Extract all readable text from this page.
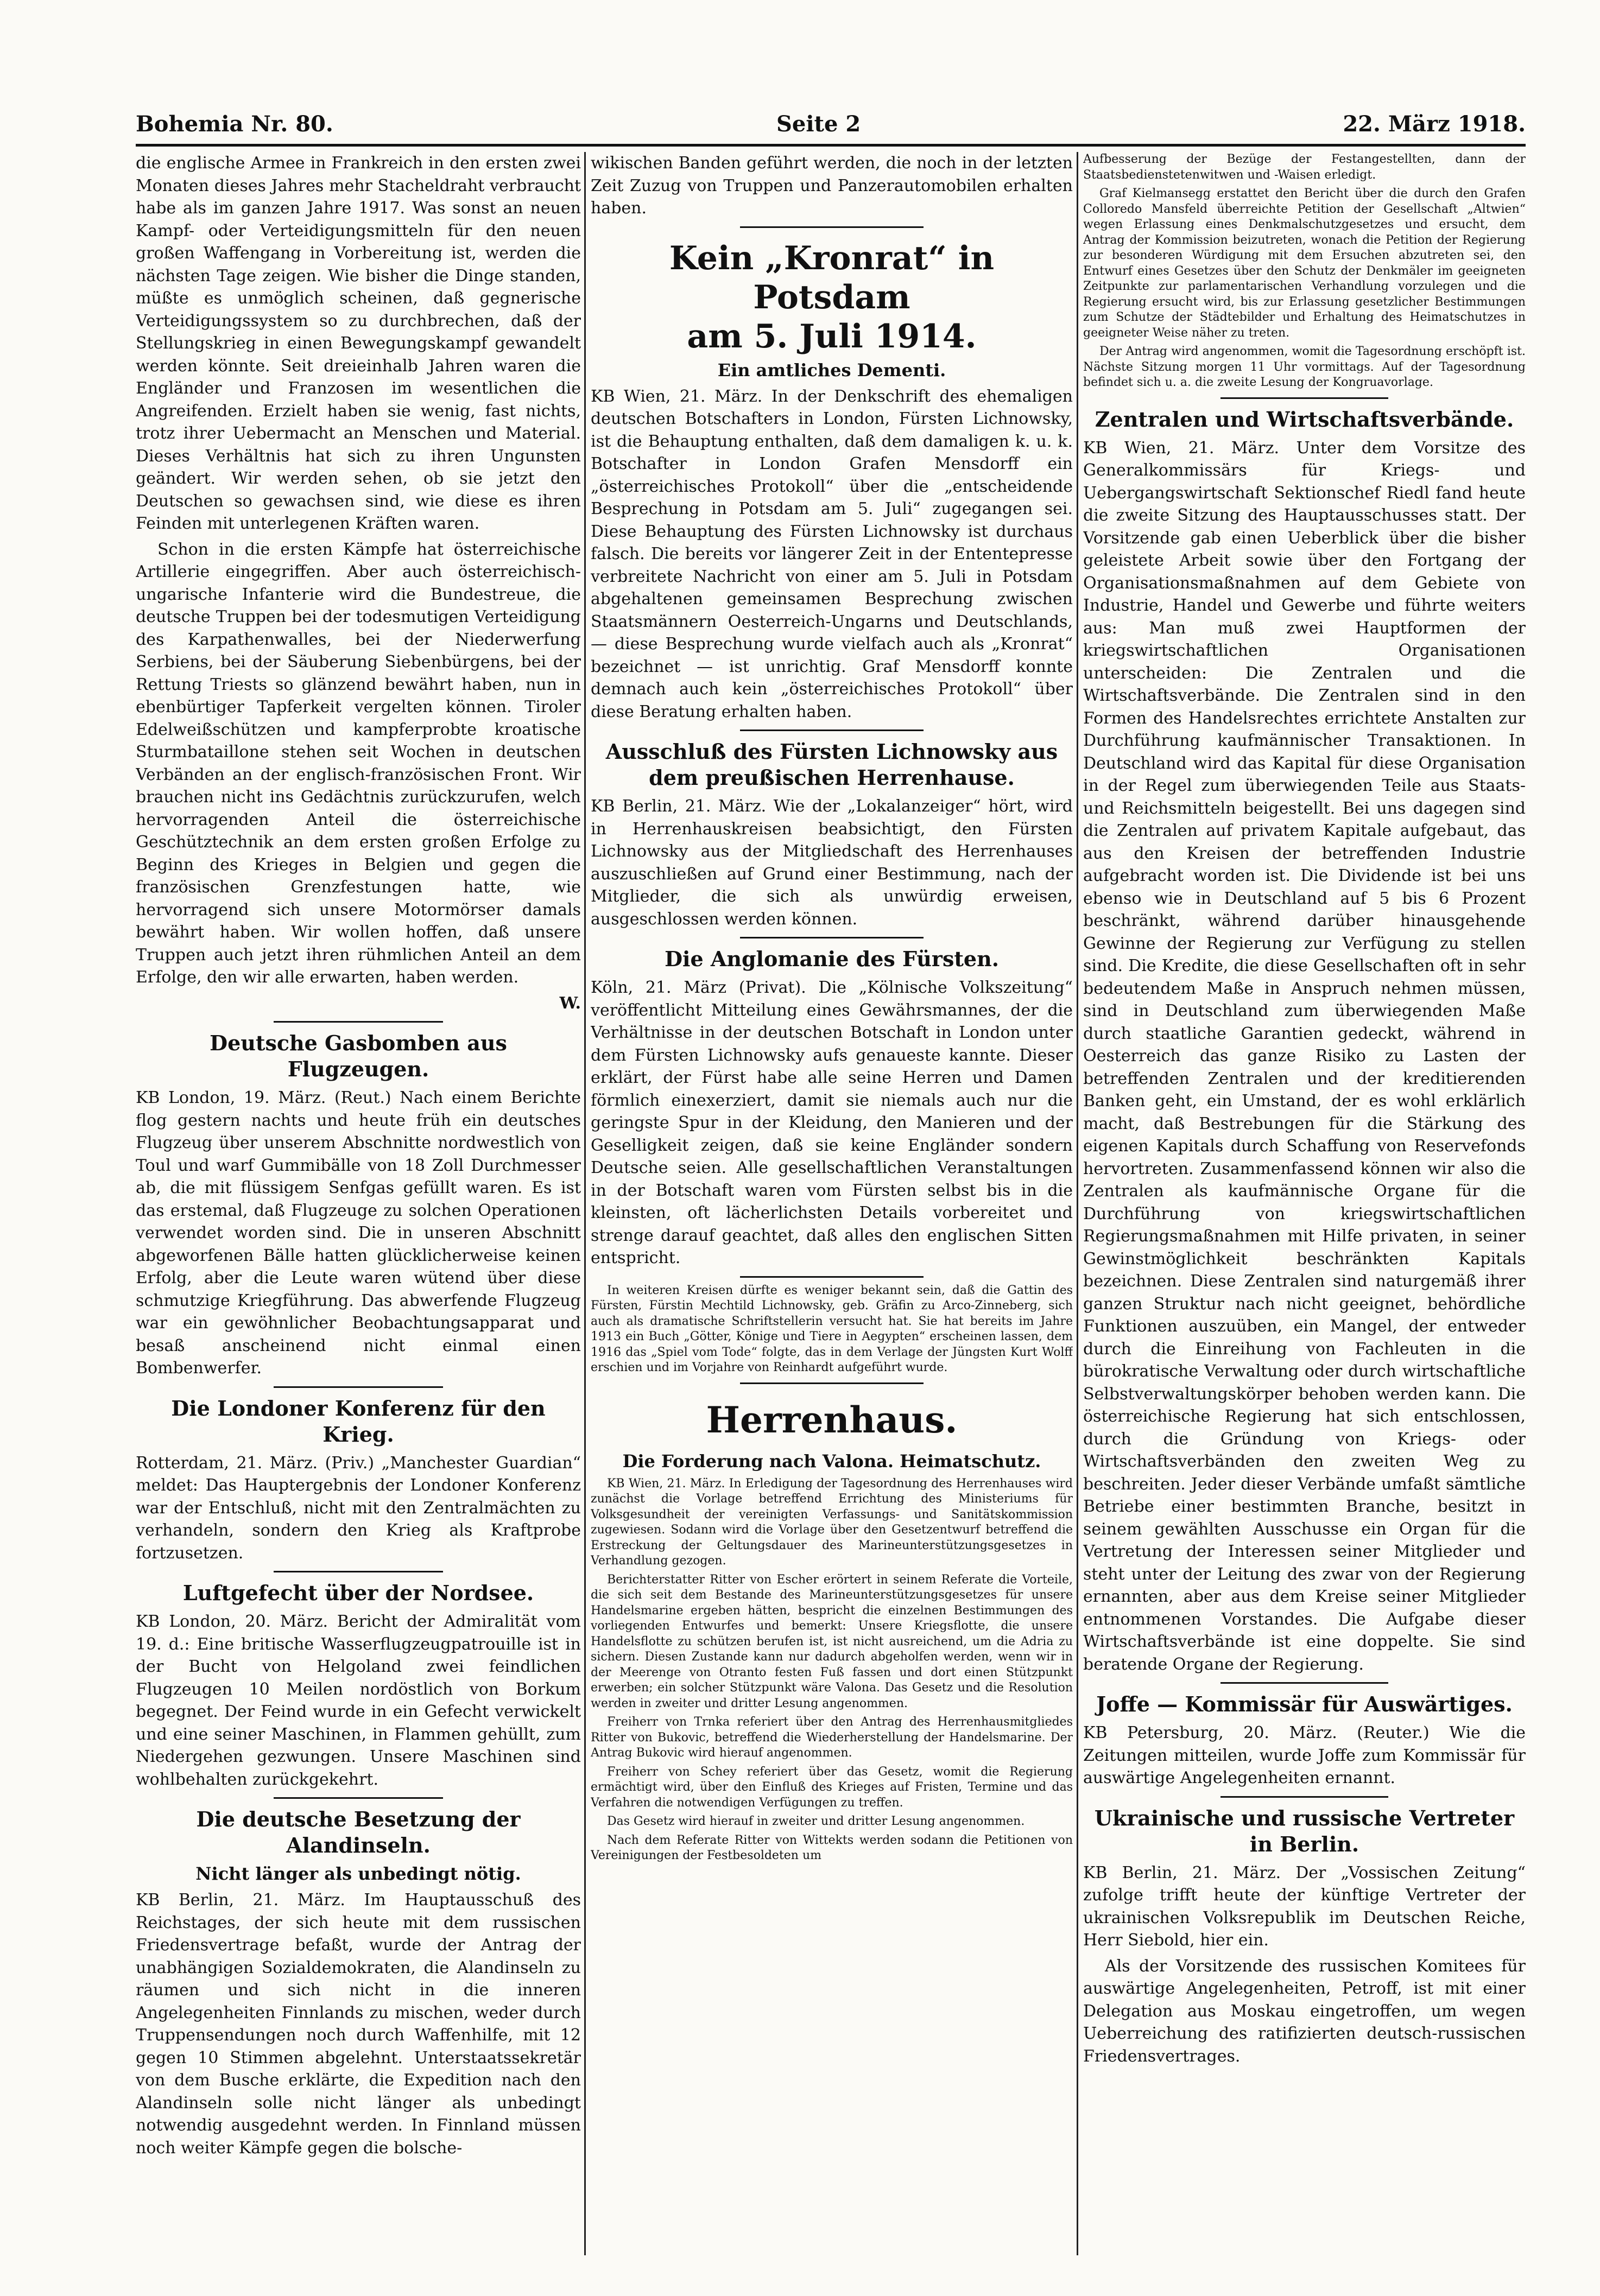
Bohemia Nr. 80.	Seite 2	22. März 1918.

die englische Armee in Frankreich in den ersten zwei Monaten dieses Jahres mehr Stacheldraht verbraucht habe als im ganzen Jahre 1917. Was sonst an neuen Kampf- oder Verteidigungsmitteln für den neuen großen Waffengang in Vorbereitung ist, werden die nächsten Tage zeigen. Wie bisher die Dinge standen, müßte es unmöglich scheinen, daß gegnerische Verteidigungssystem so zu durchbrechen, daß der Stellungskrieg in einen Bewegungskampf gewandelt werden könnte. Seit dreieinhalb Jahren waren die Engländer und Franzosen im wesentlichen die Angreifenden. Erzielt haben sie wenig, fast nichts, trotz ihrer Uebermacht an Menschen und Material. Dieses Verhältnis hat sich zu ihren Ungunsten geändert. Wir werden sehen, ob sie jetzt den Deutschen so gewachsen sind, wie diese es ihren Feinden mit unterlegenen Kräften waren.

Schon in die ersten Kämpfe hat österreichische Artillerie eingegriffen. Aber auch österreichisch-ungarische Infanterie wird die Bundestreue, die deutsche Truppen bei der todesmutigen Verteidigung des Karpathenwalles, bei der Niederwerfung Serbiens, bei der Säuberung Siebenbürgens, bei der Rettung Triests so glänzend bewährt haben, nun in ebenbürtiger Tapferkeit vergelten können. Tiroler Edelweißschützen und kampferprobte kroatische Sturmbataillone stehen seit Wochen in deutschen Verbänden an der englisch-französischen Front. Wir brauchen nicht ins Gedächtnis zurückzurufen, welch hervorragenden Anteil die österreichische Geschütztechnik an dem ersten großen Erfolge zu Beginn des Krieges in Belgien und gegen die französischen Grenzfestungen hatte, wie hervorragend sich unsere Motormörser damals bewährt haben. Wir wollen hoffen, daß unsere Truppen auch jetzt ihren rühmlichen Anteil an dem Erfolge, den wir alle erwarten, haben werden.

W.

Deutsche Gasbomben aus Flugzeugen.

KB London, 19. März. (Reut.) Nach einem Berichte flog gestern nachts und heute früh ein deutsches Flugzeug über unserem Abschnitte nordwestlich von Toul und warf Gummibälle von 18 Zoll Durchmesser ab, die mit flüssigem Senfgas gefüllt waren. Es ist das erstemal, daß Flugzeuge zu solchen Operationen verwendet worden sind. Die in unseren Abschnitt abgeworfenen Bälle hatten glücklicherweise keinen Erfolg, aber die Leute waren wütend über diese schmutzige Kriegführung. Das abwerfende Flugzeug war ein gewöhnlicher Beobachtungsapparat und besaß anscheinend nicht einmal einen Bombenwerfer.

Die Londoner Konferenz für den Krieg.

Rotterdam, 21. März. (Priv.) „Manchester Guardian“ meldet: Das Hauptergebnis der Londoner Konferenz war der Entschluß, nicht mit den Zentralmächten zu verhandeln, sondern den Krieg als Kraftprobe fortzusetzen.

Luftgefecht über der Nordsee.

KB London, 20. März. Bericht der Admiralität vom 19. d.: Eine britische Wasserflugzeugpatrouille ist in der Bucht von Helgoland zwei feindlichen Flugzeugen 10 Meilen nordöstlich von Borkum begegnet. Der Feind wurde in ein Gefecht verwickelt und eine seiner Maschinen, in Flammen gehüllt, zum Niedergehen gezwungen. Unsere Maschinen sind wohlbehalten zurückgekehrt.

Die deutsche Besetzung der Alandinseln.
Nicht länger als unbedingt nötig.

KB Berlin, 21. März. Im Hauptausschuß des Reichstages, der sich heute mit dem russischen Friedensvertrage befaßt, wurde der Antrag der unabhängigen Sozialdemokraten, die Alandinseln zu räumen und sich nicht in die inneren Angelegenheiten Finnlands zu mischen, weder durch Truppensendungen noch durch Waffenhilfe, mit 12 gegen 10 Stimmen abgelehnt. Unterstaatssekretär von dem Busche erklärte, die Expedition nach den Alandinseln solle nicht länger als unbedingt notwendig ausgedehnt werden. In Finnland müssen noch weiter Kämpfe gegen die bolsche-

wikischen Banden geführt werden, die noch in der letzten Zeit Zuzug von Truppen und Panzerautomobilen erhalten haben.

Kein „Kronrat“ in Potsdam
am 5. Juli 1914.
Ein amtliches Dementi.

KB Wien, 21. März. In der Denkschrift des ehemaligen deutschen Botschafters in London, Fürsten Lichnowsky, ist die Behauptung enthalten, daß dem damaligen k. u. k. Botschafter in London Grafen Mensdorff ein „österreichisches Protokoll“ über die „entscheidende Besprechung in Potsdam am 5. Juli“ zugegangen sei. Diese Behauptung des Fürsten Lichnowsky ist durchaus falsch. Die bereits vor längerer Zeit in der Ententepresse verbreitete Nachricht von einer am 5. Juli in Potsdam abgehaltenen gemeinsamen Besprechung zwischen Staatsmännern Oesterreich-Ungarns und Deutschlands, — diese Besprechung wurde vielfach auch als „Kronrat“ bezeichnet — ist unrichtig. Graf Mensdorff konnte demnach auch kein „österreichisches Protokoll“ über diese Beratung erhalten haben.

Ausschluß des Fürsten Lichnowsky aus dem preußischen Herrenhause.

KB Berlin, 21. März. Wie der „Lokalanzeiger“ hört, wird in Herrenhauskreisen beabsichtigt, den Fürsten Lichnowsky aus der Mitgliedschaft des Herrenhauses auszuschließen auf Grund einer Bestimmung, nach der Mitglieder, die sich als unwürdig erweisen, ausgeschlossen werden können.

Die Anglomanie des Fürsten.

Köln, 21. März (Privat). Die „Kölnische Volkszeitung“ veröffentlicht Mitteilung eines Gewährsmannes, der die Verhältnisse in der deutschen Botschaft in London unter dem Fürsten Lichnowsky aufs genaueste kannte. Dieser erklärt, der Fürst habe alle seine Herren und Damen förmlich einexerziert, damit sie niemals auch nur die geringste Spur in der Kleidung, den Manieren und der Geselligkeit zeigen, daß sie keine Engländer sondern Deutsche seien. Alle gesellschaftlichen Veranstaltungen in der Botschaft waren vom Fürsten selbst bis in die kleinsten, oft lächerlichsten Details vorbereitet und strenge darauf geachtet, daß alles den englischen Sitten entspricht.

In weiteren Kreisen dürfte es weniger bekannt sein, daß die Gattin des Fürsten, Fürstin Mechtild Lichnowsky, geb. Gräfin zu Arco-Zinneberg, sich auch als dramatische Schriftstellerin versucht hat. Sie hat bereits im Jahre 1913 ein Buch „Götter, Könige und Tiere in Aegypten“ erscheinen lassen, dem 1916 das „Spiel vom Tode“ folgte, das in dem Verlage der Jüngsten Kurt Wolff erschien und im Vorjahre von Reinhardt aufgeführt wurde.

Herrenhaus.
Die Forderung nach Valona. Heimatschutz.

KB Wien, 21. März. In Erledigung der Tagesordnung des Herrenhauses wird zunächst die Vorlage betreffend Errichtung des Ministeriums für Volksgesundheit der vereinigten Verfassungs- und Sanitätskommission zugewiesen. Sodann wird die Vorlage über den Gesetzentwurf betreffend die Erstreckung der Geltungsdauer des Marineunterstützungsgesetzes in Verhandlung gezogen.

Berichterstatter Ritter von Escher erörtert in seinem Referate die Vorteile, die sich seit dem Bestande des Marineunterstützungsgesetzes für unsere Handelsmarine ergeben hätten, bespricht die einzelnen Bestimmungen des vorliegenden Entwurfes und bemerkt: Unsere Kriegsflotte, die unsere Handelsflotte zu schützen berufen ist, ist nicht ausreichend, um die Adria zu sichern. Diesen Zustande kann nur dadurch abgeholfen werden, wenn wir in der Meerenge von Otranto festen Fuß fassen und dort einen Stützpunkt erwerben; ein solcher Stützpunkt wäre Valona. Das Gesetz und die Resolution werden in zweiter und dritter Lesung angenommen.

Freiherr von Trnka referiert über den Antrag des Herrenhausmitgliedes Ritter von Bukovic, betreffend die Wiederherstellung der Handelsmarine. Der Antrag Bukovic wird hierauf angenommen.

Freiherr von Schey referiert über das Gesetz, womit die Regierung ermächtigt wird, über den Einfluß des Krieges auf Fristen, Termine und das Verfahren die notwendigen Verfügungen zu treffen.

Das Gesetz wird hierauf in zweiter und dritter Lesung angenommen.

Nach dem Referate Ritter von Wittekts werden sodann die Petitionen von Vereinigungen der Festbesoldeten um

Aufbesserung der Bezüge der Festangestellten, dann der Staatsbedienstetenwitwen und -Waisen erledigt.

Graf Kielmansegg erstattet den Bericht über die durch den Grafen Colloredo Mansfeld überreichte Petition der Gesellschaft „Altwien“ wegen Erlassung eines Denkmalschutzgesetzes und ersucht, dem Antrag der Kommission beizutreten, wonach die Petition der Regierung zur besonderen Würdigung mit dem Ersuchen abzutreten sei, den Entwurf eines Gesetzes über den Schutz der Denkmäler im geeigneten Zeitpunkte zur parlamentarischen Verhandlung vorzulegen und die Regierung ersucht wird, bis zur Erlassung gesetzlicher Bestimmungen zum Schutze der Städtebilder und Erhaltung des Heimatschutzes in geeigneter Weise näher zu treten.

Der Antrag wird angenommen, womit die Tagesordnung erschöpft ist. Nächste Sitzung morgen 11 Uhr vormittags. Auf der Tagesordnung befindet sich u. a. die zweite Lesung der Kongruavorlage.

Zentralen und Wirtschaftsverbände.

KB Wien, 21. März. Unter dem Vorsitze des Generalkommissärs für Kriegs- und Uebergangswirtschaft Sektionschef Riedl fand heute die zweite Sitzung des Hauptausschusses statt. Der Vorsitzende gab einen Ueberblick über die bisher geleistete Arbeit sowie über den Fortgang der Organisationsmaßnahmen auf dem Gebiete von Industrie, Handel und Gewerbe und führte weiters aus: Man muß zwei Hauptformen der kriegswirtschaftlichen Organisationen unterscheiden: Die Zentralen und die Wirtschaftsverbände. Die Zentralen sind in den Formen des Handelsrechtes errichtete Anstalten zur Durchführung kaufmännischer Transaktionen. In Deutschland wird das Kapital für diese Organisation in der Regel zum überwiegenden Teile aus Staats- und Reichsmitteln beigestellt. Bei uns dagegen sind die Zentralen auf privatem Kapitale aufgebaut, das aus den Kreisen der betreffenden Industrie aufgebracht worden ist. Die Dividende ist bei uns ebenso wie in Deutschland auf 5 bis 6 Prozent beschränkt, während darüber hinausgehende Gewinne der Regierung zur Verfügung zu stellen sind. Die Kredite, die diese Gesellschaften oft in sehr bedeutendem Maße in Anspruch nehmen müssen, sind in Deutschland zum überwiegenden Maße durch staatliche Garantien gedeckt, während in Oesterreich das ganze Risiko zu Lasten der betreffenden Zentralen und der kreditierenden Banken geht, ein Umstand, der es wohl erklärlich macht, daß Bestrebungen für die Stärkung des eigenen Kapitals durch Schaffung von Reservefonds hervortreten. Zusammenfassend können wir also die Zentralen als kaufmännische Organe für die Durchführung von kriegswirtschaftlichen Regierungsmaßnahmen mit Hilfe privaten, in seiner Gewinstmöglichkeit beschränkten Kapitals bezeichnen. Diese Zentralen sind naturgemäß ihrer ganzen Struktur nach nicht geeignet, behördliche Funktionen auszuüben, ein Mangel, der entweder durch die Einreihung von Fachleuten in die bürokratische Verwaltung oder durch wirtschaftliche Selbstverwaltungskörper behoben werden kann. Die österreichische Regierung hat sich entschlossen, durch die Gründung von Kriegs- oder Wirtschaftsverbänden den zweiten Weg zu beschreiten. Jeder dieser Verbände umfaßt sämtliche Betriebe einer bestimmten Branche, besitzt in seinem gewählten Ausschusse ein Organ für die Vertretung der Interessen seiner Mitglieder und steht unter der Leitung des zwar von der Regierung ernannten, aber aus dem Kreise seiner Mitglieder entnommenen Vorstandes. Die Aufgabe dieser Wirtschaftsverbände ist eine doppelte. Sie sind beratende Organe der Regierung.

Joffe — Kommissär für Auswärtiges.

KB Petersburg, 20. März. (Reuter.) Wie die Zeitungen mitteilen, wurde Joffe zum Kommissär für auswärtige Angelegenheiten ernannt.

Ukrainische und russische Vertreter in Berlin.

KB Berlin, 21. März. Der „Vossischen Zeitung“ zufolge trifft heute der künftige Vertreter der ukrainischen Volksrepublik im Deutschen Reiche, Herr Siebold, hier ein.

Als der Vorsitzende des russischen Komitees für auswärtige Angelegenheiten, Petroff, ist mit einer Delegation aus Moskau eingetroffen, um wegen Ueberreichung des ratifizierten deutsch-russischen Friedensvertrages.
